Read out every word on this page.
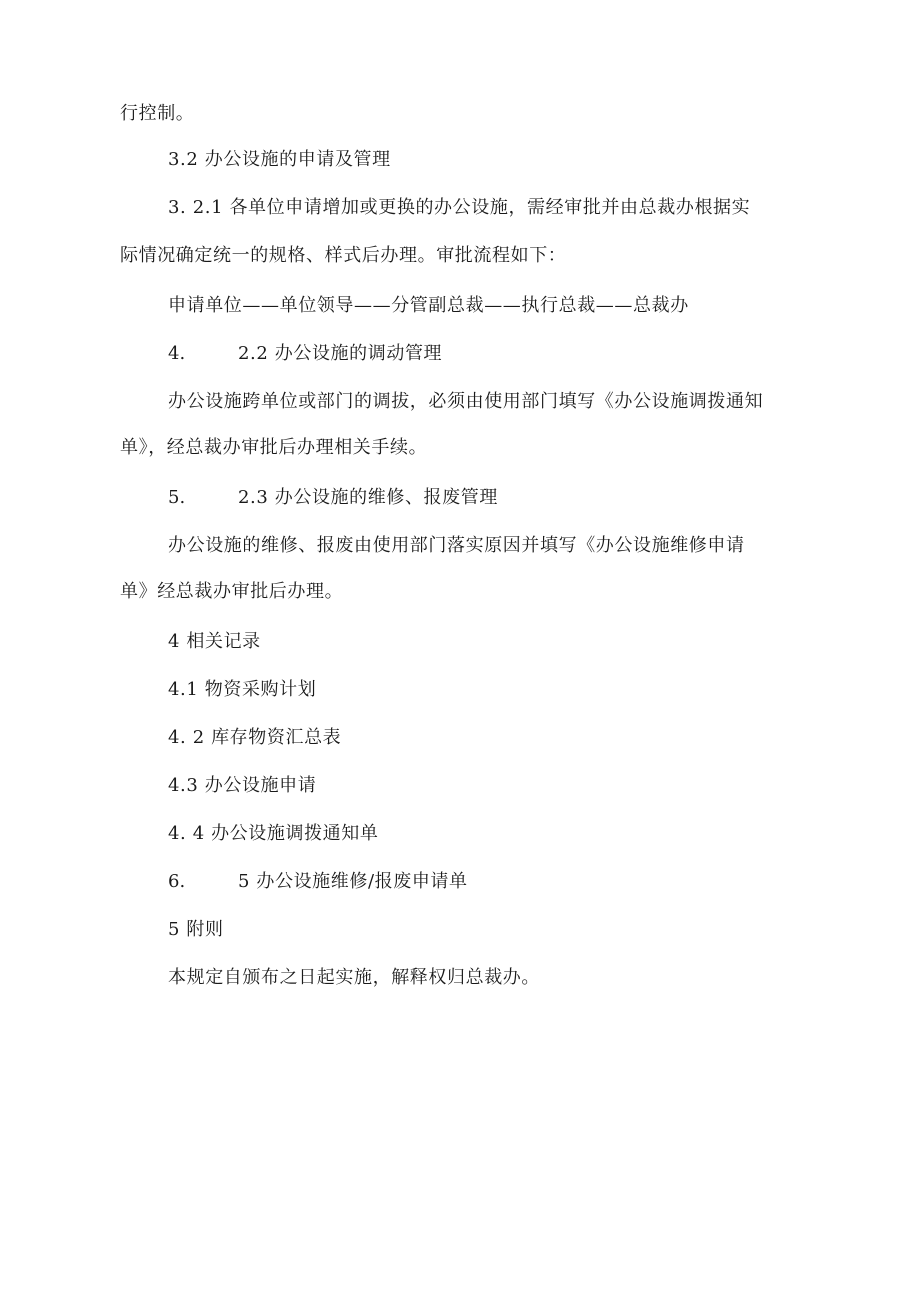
行控制。

3.2 办公设施的申请及管理

3. 2.1 各单位申请增加或更换的办公设施，需经审批并由总裁办根据实

际情况确定统一的规格、样式后办理。审批流程如下：

申请单位——单位领导——分管副总裁——执行总裁——总裁办

4.	2.2 办公设施的调动管理

办公设施跨单位或部门的调拔，必须由使用部门填写《办公设施调拨通知

单》，经总裁办审批后办理相关手续。

5.	2.3 办公设施的维修、报废管理

办公设施的维修、报废由使用部门落实原因并填写《办公设施维修申请

单》经总裁办审批后办理。

4 相关记录

4.1 物资采购计划

4. 2 库存物资汇总表

4.3 办公设施申请

4. 4 办公设施调拨通知单

6.	5 办公设施维修/报废申请单

5 附则

本规定自颁布之日起实施，解释权归总裁办。
